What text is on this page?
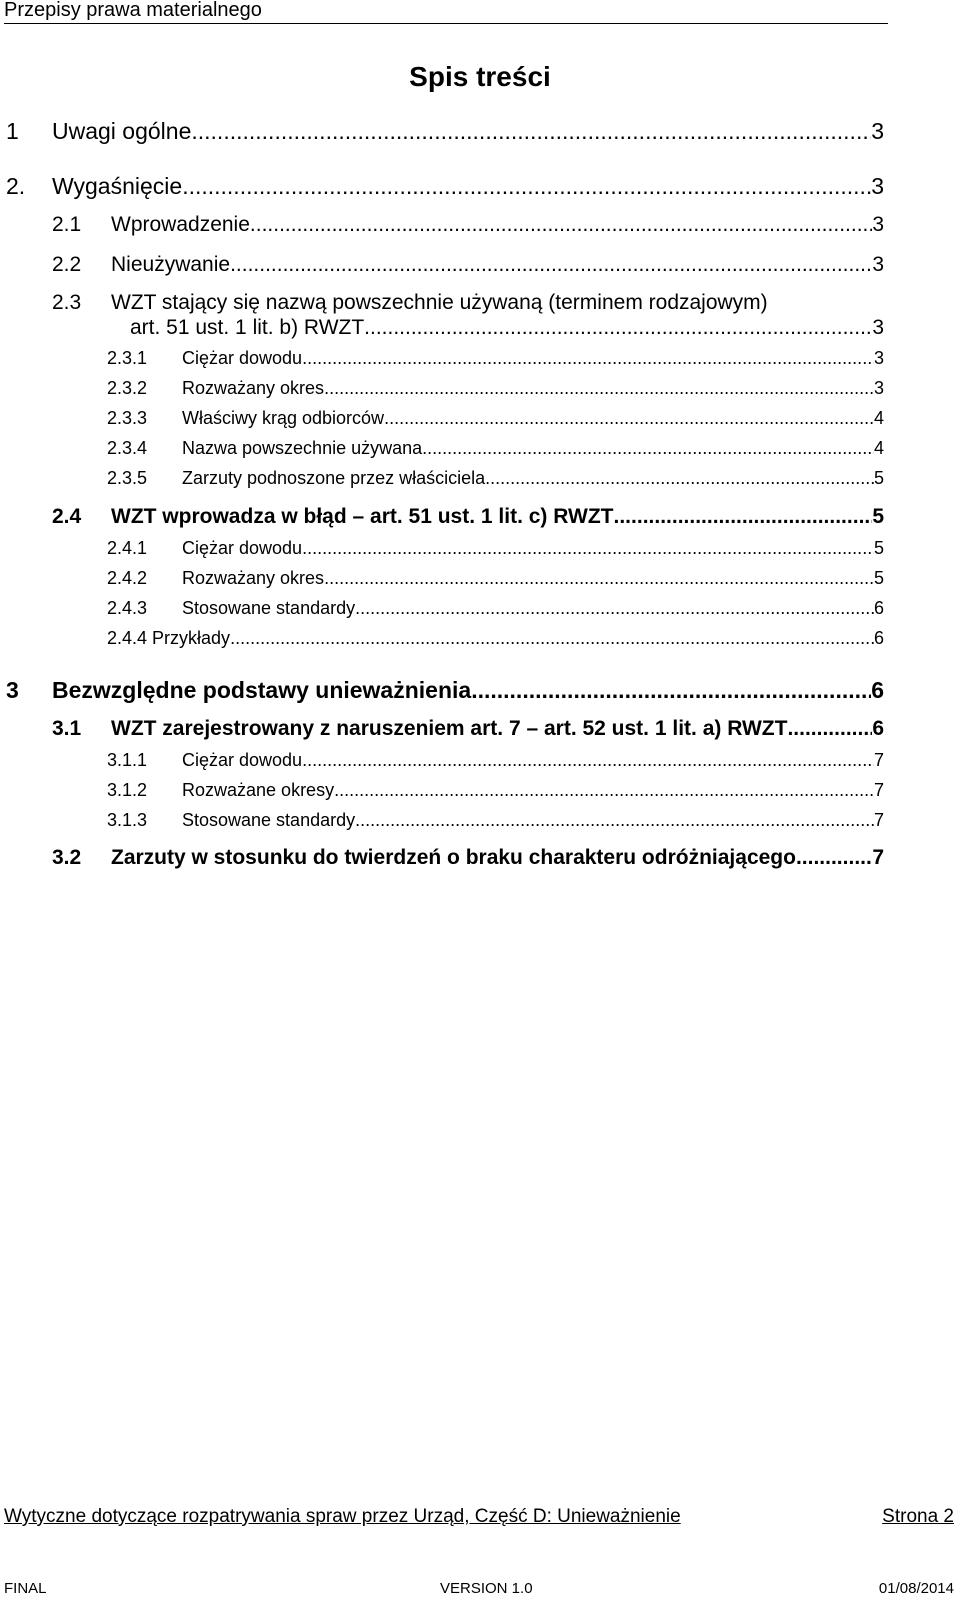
Przepisy prawa materialnego
Spis treści
1 Uwagi ogólne .....	3
2. Wygaśnięcie .....	3
2.1 Wprowadzenie .....	3
2.2 Nieużywanie .....	3
2.3 WZT stający się nazwą powszechnie używaną (terminem rodzajowym)
art. 51 ust. 1 lit. b) RWZT .....	3
2.3.1 Ciężar dowodu .....	3
2.3.2 Rozważany okres .....	3
2.3.3 Właściwy krąg odbiorców .....	4
2.3.4 Nazwa powszechnie używana .....	4
2.3.5 Zarzuty podnoszone przez właściciela .....	5
2.4 WZT wprowadza w błąd – art. 51 ust. 1 lit. c) RWZT .....	5
2.4.1 Ciężar dowodu .....	5
2.4.2 Rozważany okres .....	5
2.4.3 Stosowane standardy .....	6
2.4.4 Przykłady .....	6
3 Bezwzględne podstawy unieważnienia .....	6
3.1 WZT zarejestrowany z naruszeniem art. 7 – art. 52 ust. 1 lit. a) RWZT .....	6
3.1.1 Ciężar dowodu .....	7
3.1.2 Rozważane okresy .....	7
3.1.3 Stosowane standardy .....	7
3.2 Zarzuty w stosunku do twierdzeń o braku charakteru odróżniającego .....	7
Wytyczne dotyczące rozpatrywania spraw przez Urząd, Część D: Unieważnienie	Strona 2
FINAL	VERSION 1.0	01/08/2014
